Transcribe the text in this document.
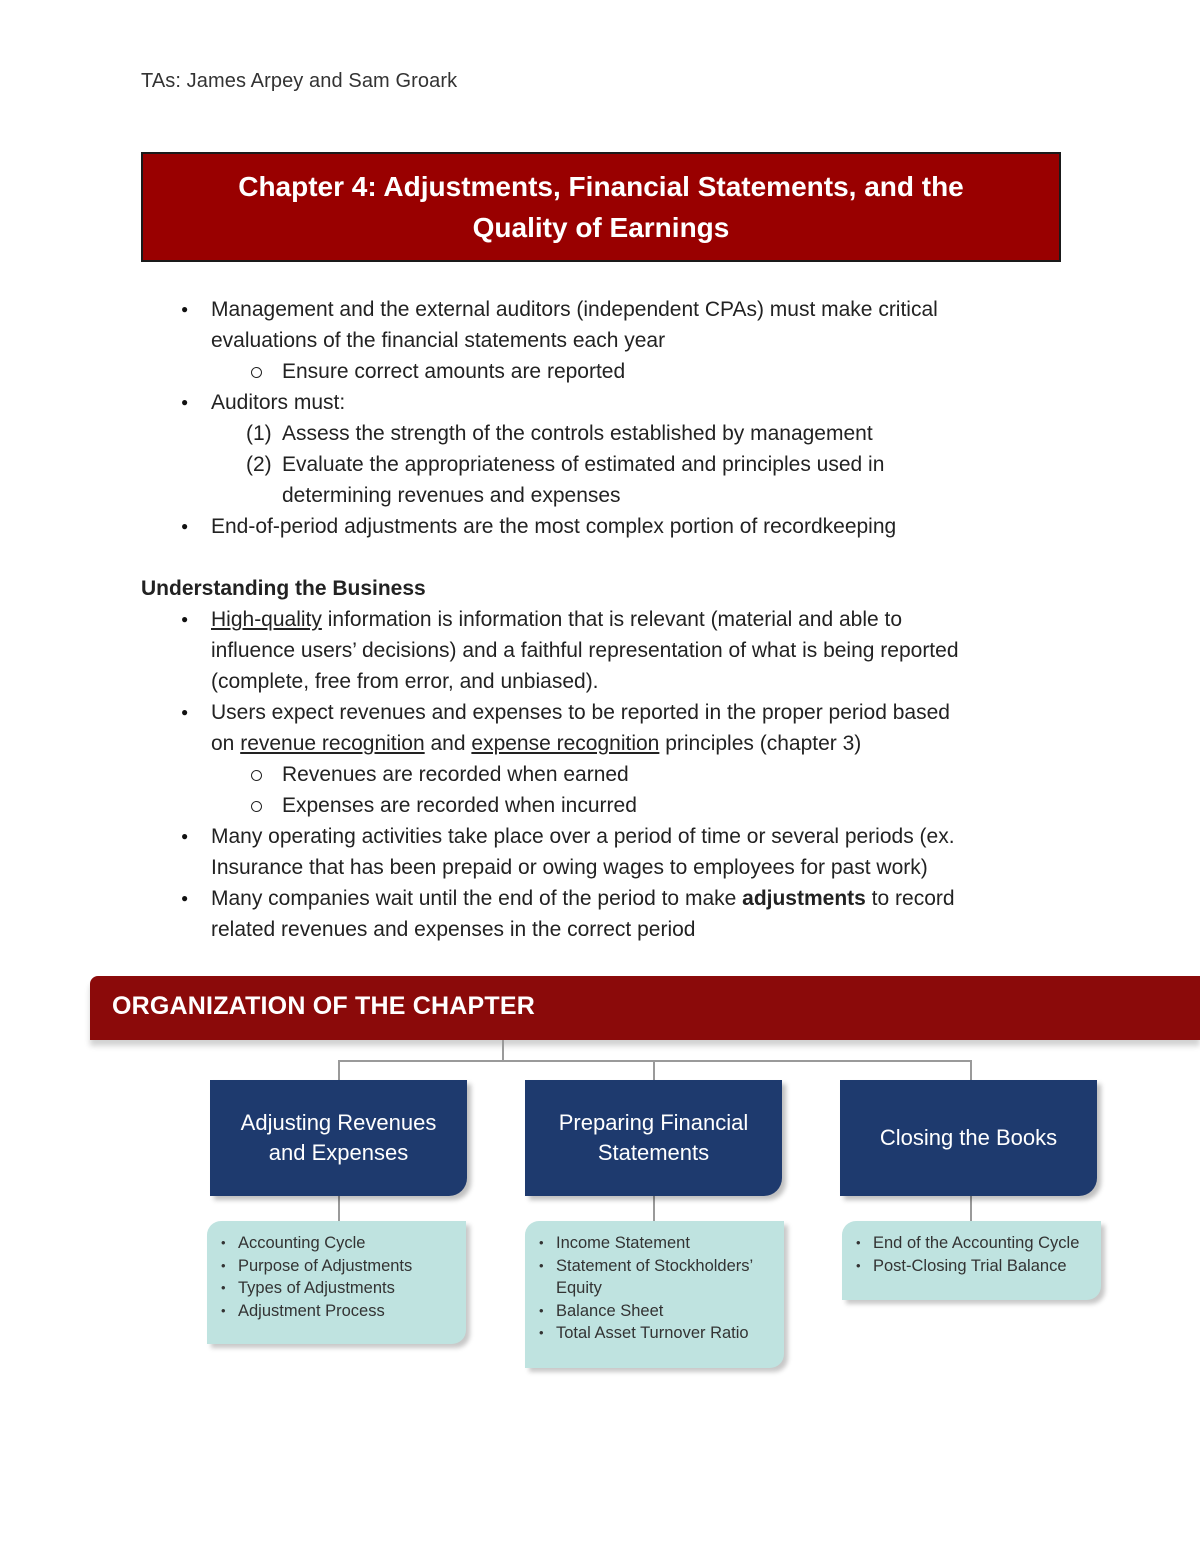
TAs: James Arpey and Sam Groark
Chapter 4: Adjustments, Financial Statements, and the
Quality of Earnings
● Management and the external auditors (independent CPAs) must make critical
evaluations of the financial statements each year
Ensure correct amounts are reported
● Auditors must:
(1) Assess the strength of the controls established by management
(2) Evaluate the appropriateness of estimated and principles used in
determining revenues and expenses
● End-of-period adjustments are the most complex portion of recordkeeping
Understanding the Business
● High-quality information is information that is relevant (material and able to
influence users’ decisions) and a faithful representation of what is being reported
(complete, free from error, and unbiased).
● Users expect revenues and expenses to be reported in the proper period based
on revenue recognition and expense recognition principles (chapter 3)
Revenues are recorded when earned
Expenses are recorded when incurred
● Many operating activities take place over a period of time or several periods (ex.
Insurance that has been prepaid or owing wages to employees for past work)
● Many companies wait until the end of the period to make adjustments to record
related revenues and expenses in the correct period
ORGANIZATION OF THE CHAPTER
Adjusting Revenues
and Expenses
Preparing Financial
Statements
Closing the Books
• Accounting Cycle
• Purpose of Adjustments
• Types of Adjustments
• Adjustment Process
• Income Statement
• Statement of Stockholders’
Equity
• Balance Sheet
• Total Asset Turnover Ratio
• End of the Accounting Cycle
• Post-Closing Trial Balance
